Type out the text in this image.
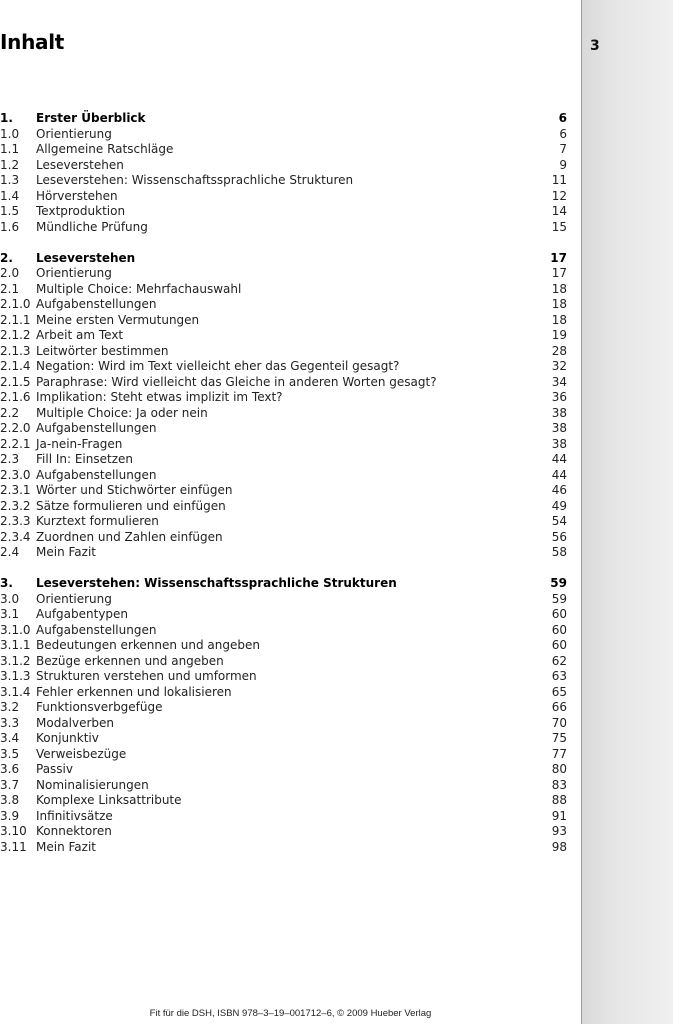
3
Inhalt
1. Erster Überblick	6
1.0 Orientierung	6
1.1 Allgemeine Ratschläge	7
1.2 Leseverstehen	9
1.3 Leseverstehen: Wissenschaftssprachliche Strukturen	11
1.4 Hörverstehen	12
1.5 Textproduktion	14
1.6 Mündliche Prüfung	15
2. Leseverstehen	17
2.0 Orientierung	17
2.1 Multiple Choice: Mehrfachauswahl	18
2.1.0 Aufgabenstellungen	18
2.1.1 Meine ersten Vermutungen	18
2.1.2 Arbeit am Text	19
2.1.3 Leitwörter bestimmen	28
2.1.4 Negation: Wird im Text vielleicht eher das Gegenteil gesagt?	32
2.1.5 Paraphrase: Wird vielleicht das Gleiche in anderen Worten gesagt?	34
2.1.6 Implikation: Steht etwas implizit im Text?	36
2.2 Multiple Choice: Ja oder nein	38
2.2.0 Aufgabenstellungen	38
2.2.1 Ja-nein-Fragen	38
2.3 Fill In: Einsetzen	44
2.3.0 Aufgabenstellungen	44
2.3.1 Wörter und Stichwörter einfügen	46
2.3.2 Sätze formulieren und einfügen	49
2.3.3 Kurztext formulieren	54
2.3.4 Zuordnen und Zahlen einfügen	56
2.4 Mein Fazit	58
3. Leseverstehen: Wissenschaftssprachliche Strukturen	59
3.0 Orientierung	59
3.1 Aufgabentypen	60
3.1.0 Aufgabenstellungen	60
3.1.1 Bedeutungen erkennen und angeben	60
3.1.2 Bezüge erkennen und angeben	62
3.1.3 Strukturen verstehen und umformen	63
3.1.4 Fehler erkennen und lokalisieren	65
3.2 Funktionsverbgefüge	66
3.3 Modalverben	70
3.4 Konjunktiv	75
3.5 Verweisbezüge	77
3.6 Passiv	80
3.7 Nominalisierungen	83
3.8 Komplexe Linksattribute	88
3.9 Infinitivsätze	91
3.10 Konnektoren	93
3.11 Mein Fazit	98
Fit für die DSH, ISBN 978–3–19–001712–6, © 2009 Hueber Verlag
